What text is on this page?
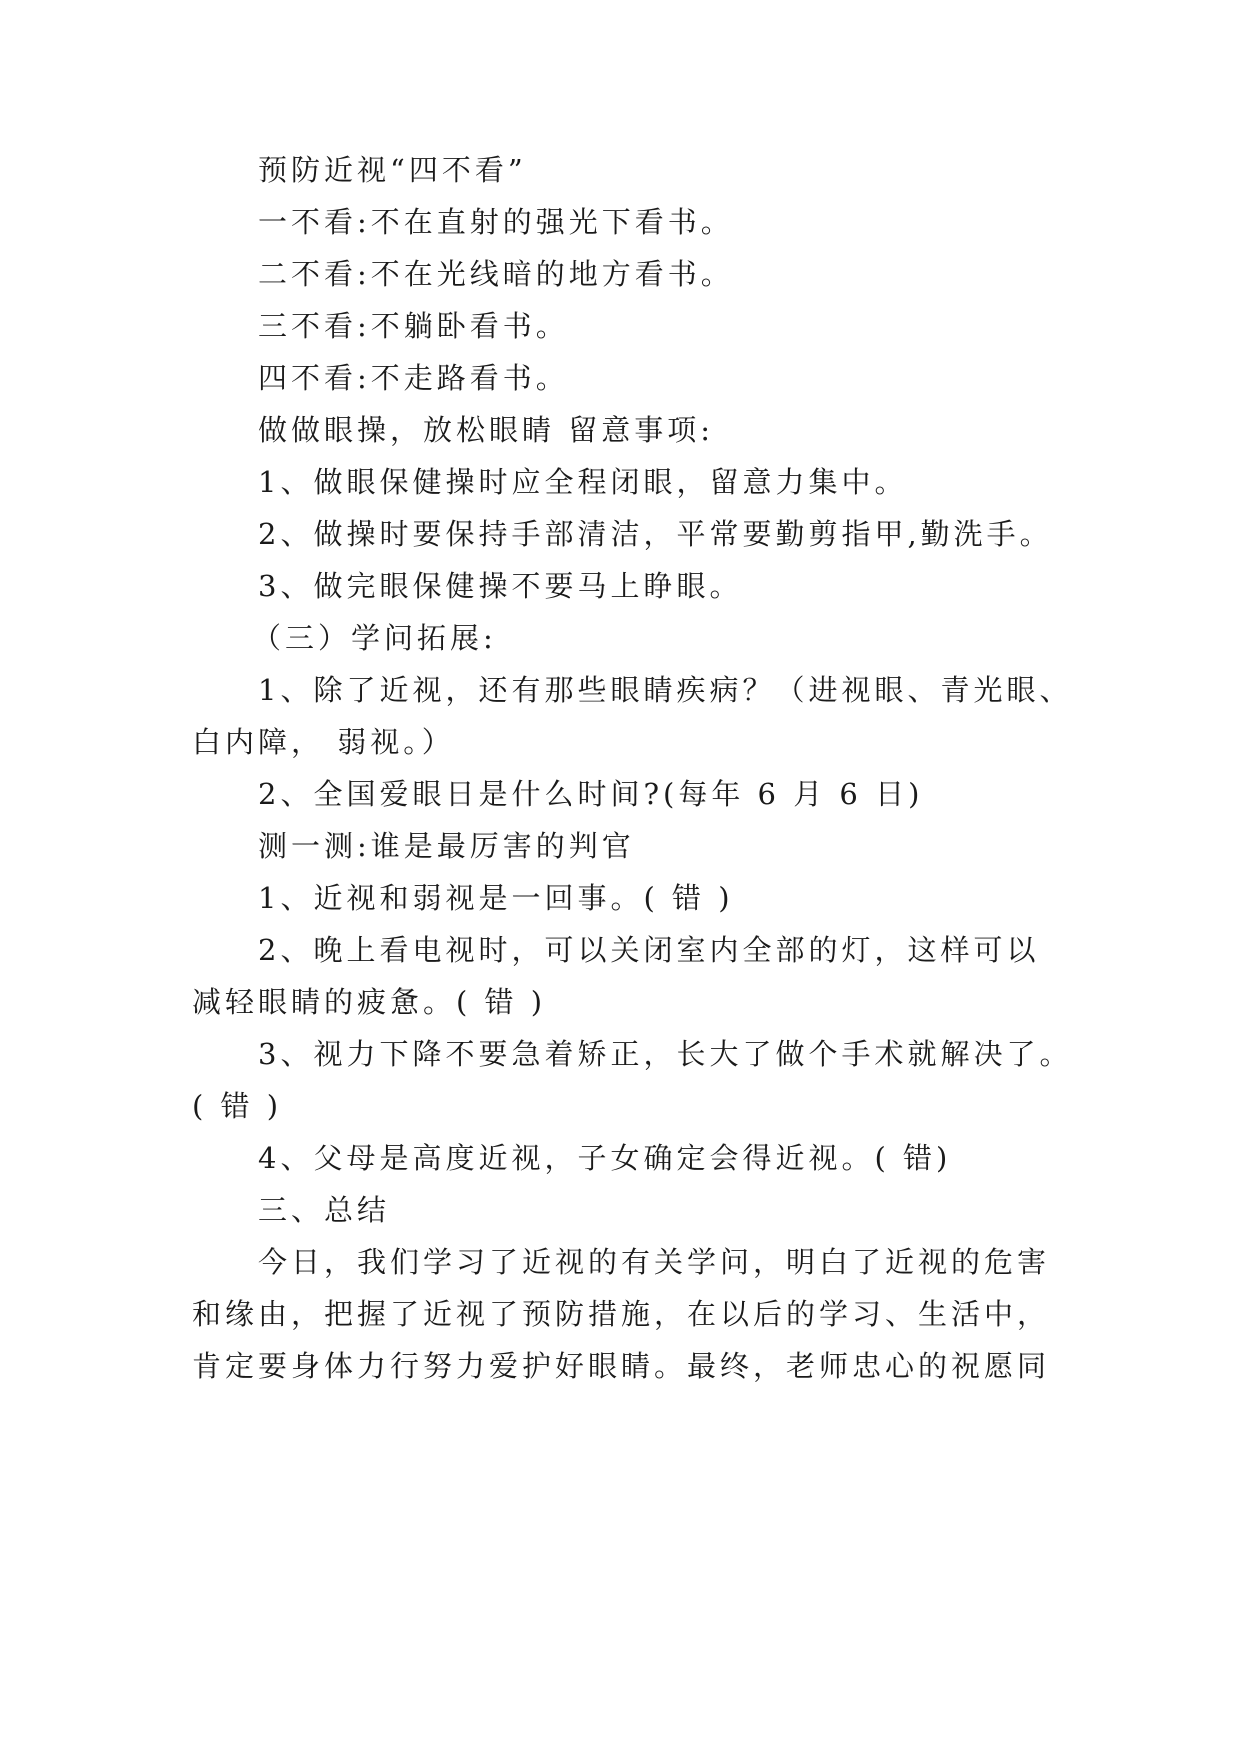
预防近视“四不看”
一不看:不在直射的强光下看书。
二不看:不在光线暗的地方看书。
三不看:不躺卧看书。
四不看:不走路看书。
做做眼操，放松眼睛 留意事项:
1、做眼保健操时应全程闭眼，留意力集中。
2、做操时要保持手部清洁，平常要勤剪指甲,勤洗手。
3、做完眼保健操不要马上睁眼。
（三）学问拓展:
1、除了近视，还有那些眼睛疾病？（进视眼、青光眼、
白内障， 弱视。）
2、全国爱眼日是什么时间?(每年 6 月 6 日)
测一测:谁是最厉害的判官
1、近视和弱视是一回事。( 错 )
2、晚上看电视时，可以关闭室内全部的灯，这样可以
减轻眼睛的疲惫。( 错 )
3、视力下降不要急着矫正，长大了做个手术就解决了。
( 错 )
4、父母是高度近视，子女确定会得近视。( 错)
三、总结
今日，我们学习了近视的有关学问，明白了近视的危害
和缘由，把握了近视了预防措施，在以后的学习、生活中，
肯定要身体力行努力爱护好眼睛。最终，老师忠心的祝愿同
